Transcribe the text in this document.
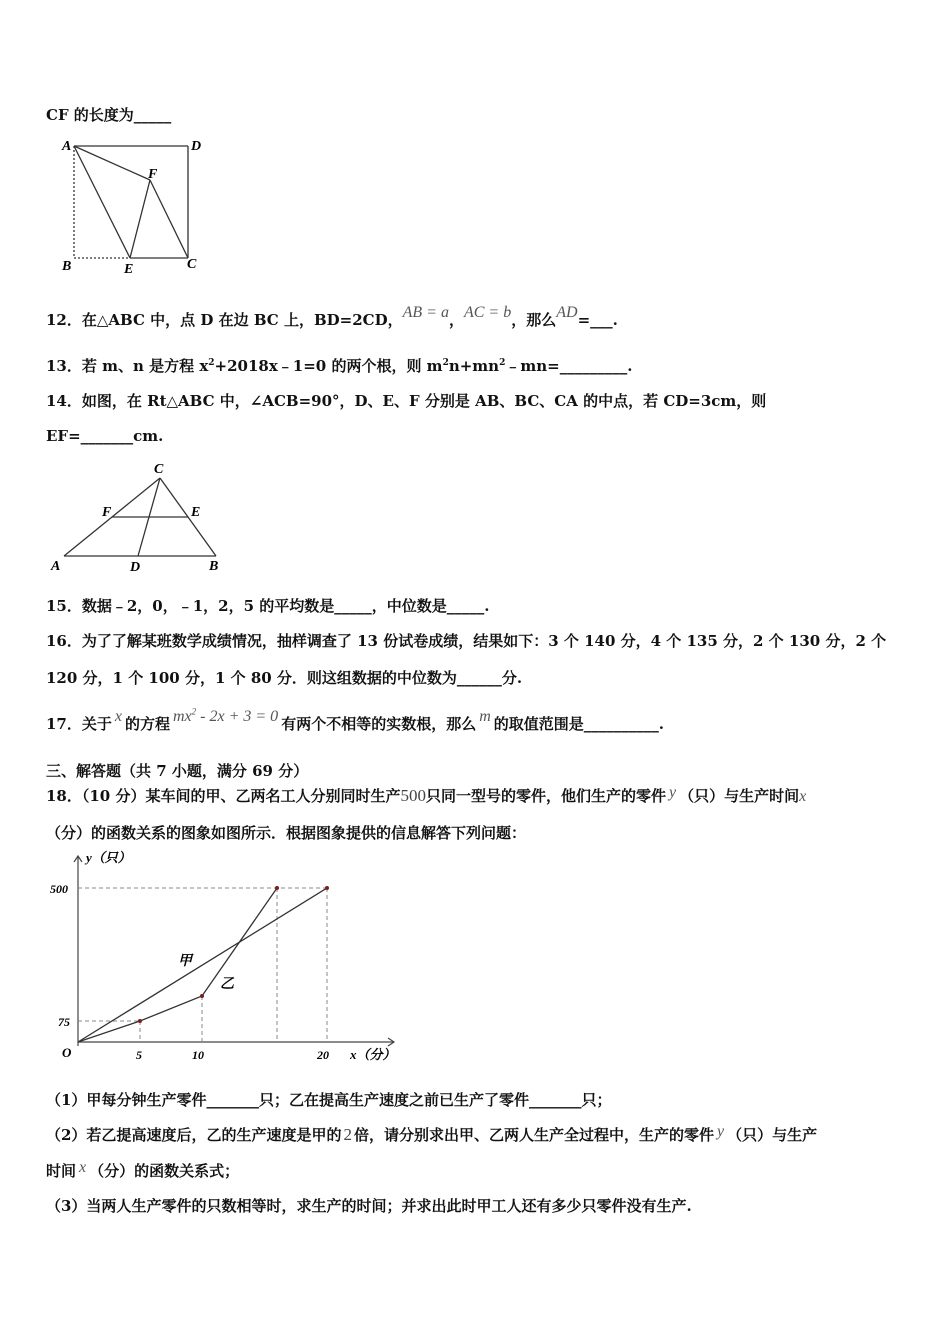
CF 的长度为_____
A	D
F
B	E	C
12．在△ABC 中，点 D 在边 BC 上，BD=2CD，AB = a，AC = b，那么AD=___.
13．若 m、n 是方程 $x^2+2018x﹣1=0$ 的两个根，则 $m^2n+mn^2﹣mn=\_\_\_\_\_\_\_\_\_$.
14．如图，在 Rt△ABC 中，∠ACB=90°，D、E、F 分别是 AB、BC、CA 的中点，若 CD=3cm，则
EF=_______cm.
C
F	E
A	D	B
15．数据﹣2，0，﹣1，2，5 的平均数是_____，中位数是_____.
16．为了了解某班数学成绩情况，抽样调查了 13 份试卷成绩，结果如下：3 个 140 分，4 个 135 分，2 个 130 分，2 个
120 分，1 个 100 分，1 个 80 分．则这组数据的中位数为______分.
17．关于 x 的方程 $mx^2 - 2x + 3 = 0$ 有两个不相等的实数根，那么 m 的取值范围是__________.
三、解答题（共 7 小题，满分 69 分）
18．（10 分）某车间的甲、乙两名工人分别同时生产500只同一型号的零件，他们生产的零件 y （只）与生产时间x
（分）的函数关系的图象如图所示．根据图象提供的信息解答下列问题：
y（只）
x（分）
O
500
75
5	10	20
甲
乙
（1）甲每分钟生产零件_______只；乙在提高生产速度之前已生产了零件_______只；
（2）若乙提高速度后，乙的生产速度是甲的 2 倍，请分别求出甲、乙两人生产全过程中，生产的零件 y （只）与生产
时间 x （分）的函数关系式；
（3）当两人生产零件的只数相等时，求生产的时间；并求出此时甲工人还有多少只零件没有生产.
